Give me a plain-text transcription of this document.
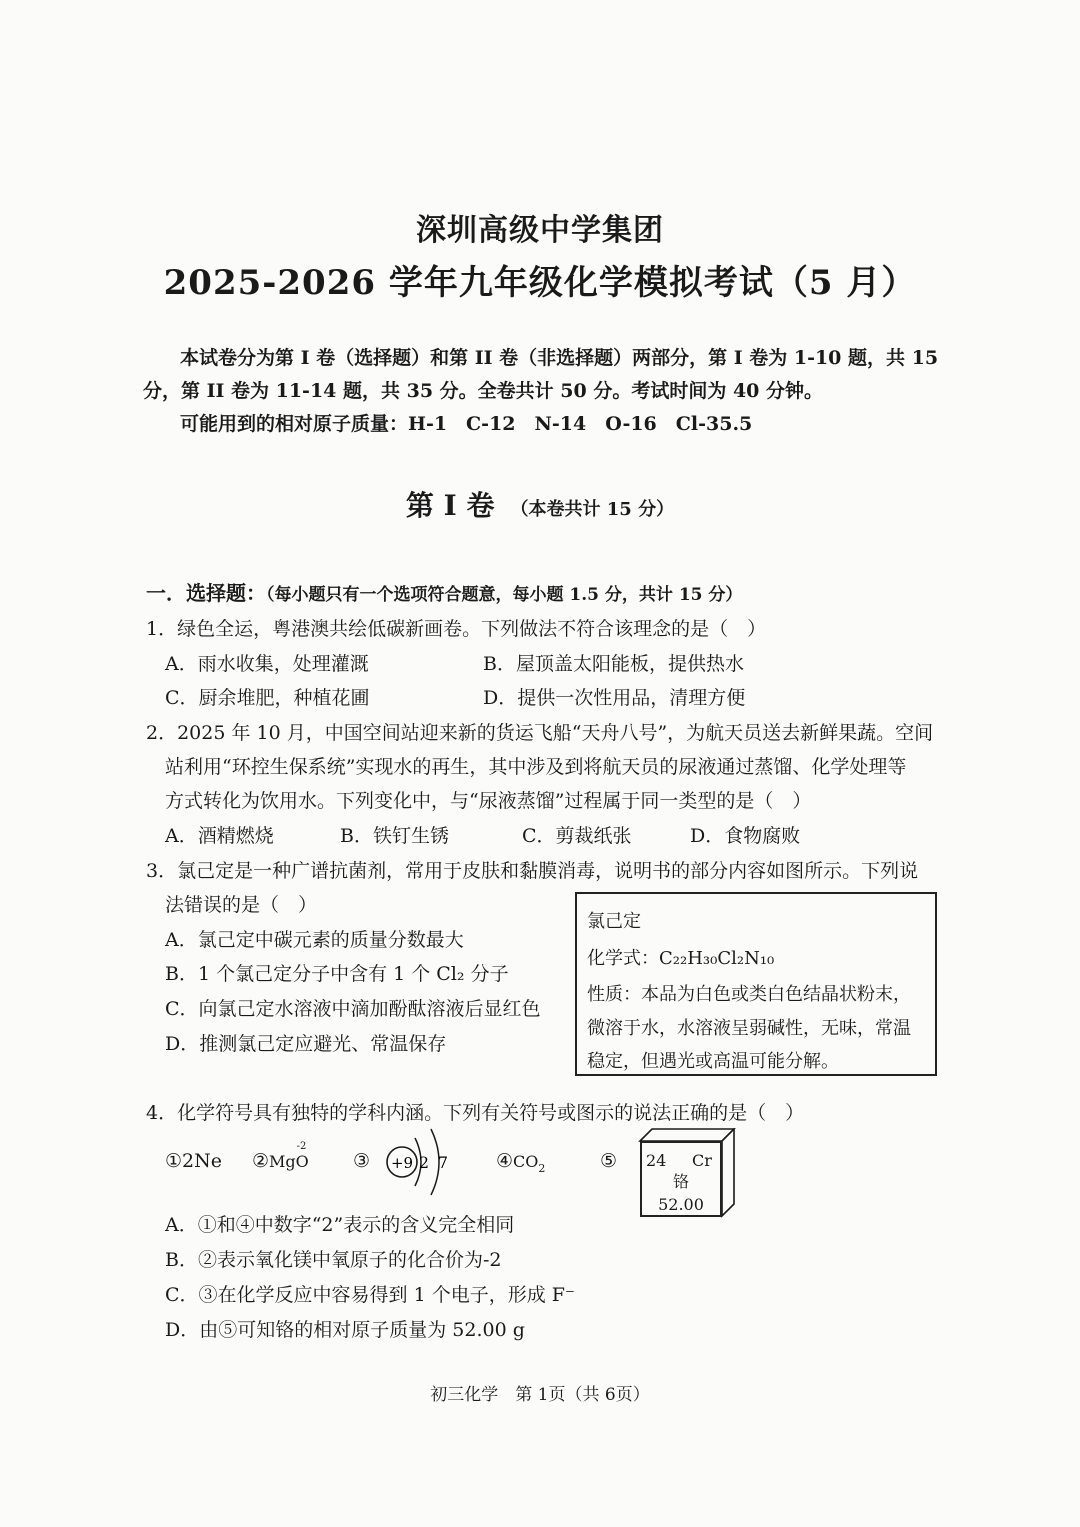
深圳高级中学集团
2025-2026 学年九年级化学模拟考试（5 月）
本试卷分为第 I 卷（选择题）和第 II 卷（非选择题）两部分，第 I 卷为 1-10 题，共 15
分，第 II 卷为 11-14 题，共 35 分。全卷共计 50 分。考试时间为 40 分钟。
可能用到的相对原子质量：H-1　C-12　N-14　O-16　Cl-35.5
第 I 卷 （本卷共计 15 分）
一．选择题：（每小题只有一个选项符合题意，每小题 1.5 分，共计 15 分）
1．绿色全运，粤港澳共绘低碳新画卷。下列做法不符合该理念的是（　）
A．雨水收集，处理灌溉	B．屋顶盖太阳能板，提供热水
C．厨余堆肥，种植花圃	D．提供一次性用品，清理方便
2．2025 年 10 月，中国空间站迎来新的货运飞船“天舟八号”，为航天员送去新鲜果蔬。空间
站利用“环控生保系统”实现水的再生，其中涉及到将航天员的尿液通过蒸馏、化学处理等
方式转化为饮用水。下列变化中，与“尿液蒸馏”过程属于同一类型的是（　）
A．酒精燃烧	B．铁钉生锈	C．剪裁纸张	D．食物腐败
3．氯己定是一种广谱抗菌剂，常用于皮肤和黏膜消毒，说明书的部分内容如图所示。下列说
法错误的是（　）
A．氯己定中碳元素的质量分数最大
B．1 个氯己定分子中含有 1 个 Cl₂ 分子
C．向氯己定水溶液中滴加酚酞溶液后显红色
D．推测氯己定应避光、常温保存
氯己定
化学式：C₂₂H₃₀Cl₂N₁₀
性质：本品为白色或类白色结晶状粉末，
微溶于水，水溶液呈弱碱性，无味，常温
稳定，但遇光或高温可能分解。
4．化学符号具有独特的学科内涵。下列有关符号或图示的说法正确的是（　）
①2Ne ②Mg
-2
O ③ +9 2 7	$④CO_2$	⑤ 24 Cr
铬
52.00
A．①和④中数字“2”表示的含义完全相同
B．②表示氧化镁中氧原子的化合价为-2
C．③在化学反应中容易得到 1 个电子，形成 F⁻
D．由⑤可知铬的相对原子质量为 52.00 g
初三化学　第 1页（共 6页）
